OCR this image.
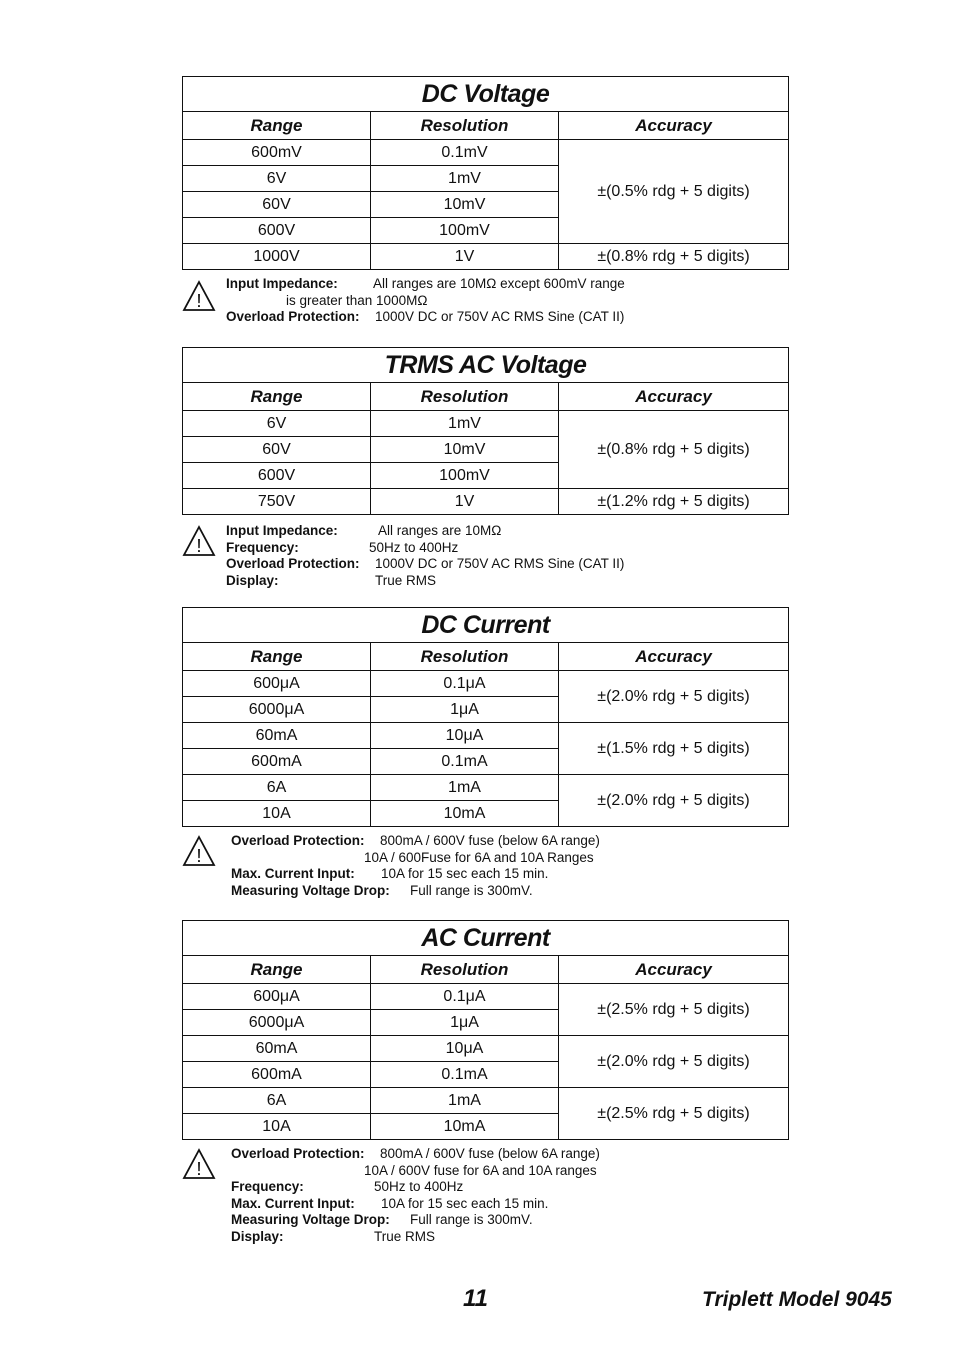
DC Voltage		
Range	Resolution	Accuracy
600mV	0.1mV	±(0.5% rdg + 5 digits)
6V	1mV	
60V	10mV	
600V	100mV	
1000V	1V	±(0.8% rdg + 5 digits)
!
Input Impedance:	All ranges are 10MΩ except 600mV range
is greater than 1000MΩ
Overload Protection: 1000V DC or 750V AC RMS Sine (CAT II)
TRMS AC Voltage		
Range	Resolution	Accuracy
6V	1mV	±(0.8% rdg + 5 digits)
60V	10mV	
600V	100mV	
750V	1V	±(1.2% rdg + 5 digits)
!
Input Impedance:	All ranges are 10MΩ
Frequency:	50Hz to 400Hz
Overload Protection: 1000V DC or 750V AC RMS Sine (CAT II)
Display:	True RMS
DC Current		
Range	Resolution	Accuracy
600μA	0.1μA	±(2.0% rdg + 5 digits)
6000μA	1μA	
60mA	10μA	±(1.5% rdg + 5 digits)
600mA	0.1mA	
6A	1mA	±(2.0% rdg + 5 digits)
10A	10mA	
!
Overload Protection: 800mA / 600V fuse (below 6A range)
10A / 600Fuse for 6A and 10A Ranges
Max. Current Input: 10A for 15 sec each 15 min.
Measuring Voltage Drop: Full range is 300mV.
AC Current		
Range	Resolution	Accuracy
600μA	0.1μA	±(2.5% rdg + 5 digits)
6000μA	1μA	
60mA	10μA	±(2.0% rdg + 5 digits)
600mA	0.1mA	
6A	1mA	±(2.5% rdg + 5 digits)
10A	10mA	
!
Overload Protection: 800mA / 600V fuse (below 6A range)
10A / 600V fuse for 6A and 10A ranges
Frequency:	50Hz to 400Hz
Max. Current Input: 10A for 15 sec each 15 min.
Measuring Voltage Drop: Full range is 300mV.
Display:	True RMS
11	Triplett Model 9045
